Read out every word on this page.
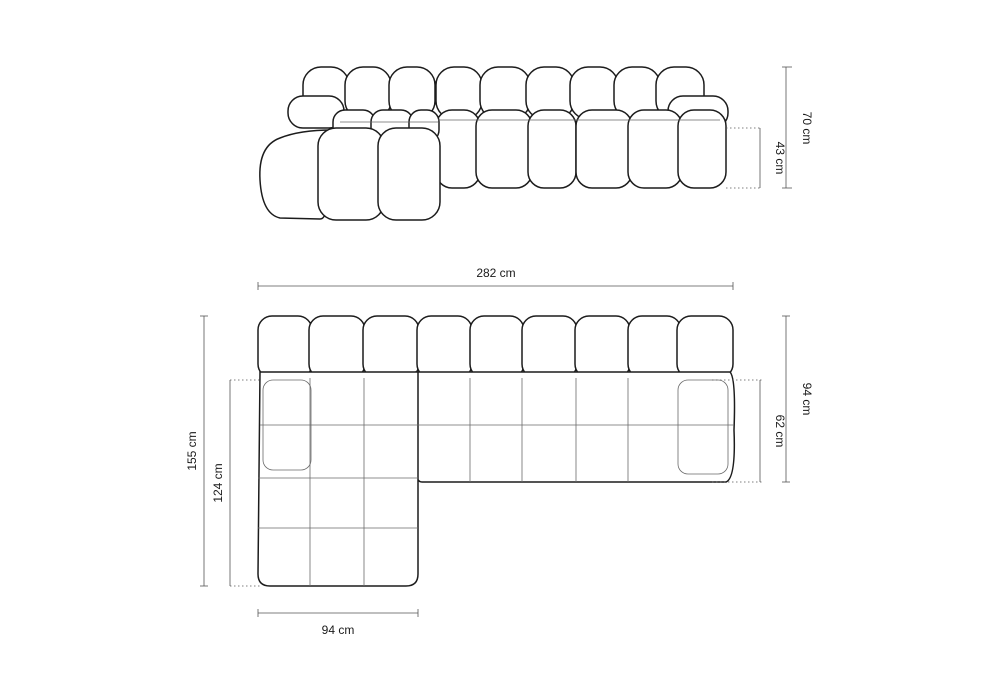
70 cm
43 cm
282 cm
155 cm
124 cm
94 cm
94 cm
62 cm
